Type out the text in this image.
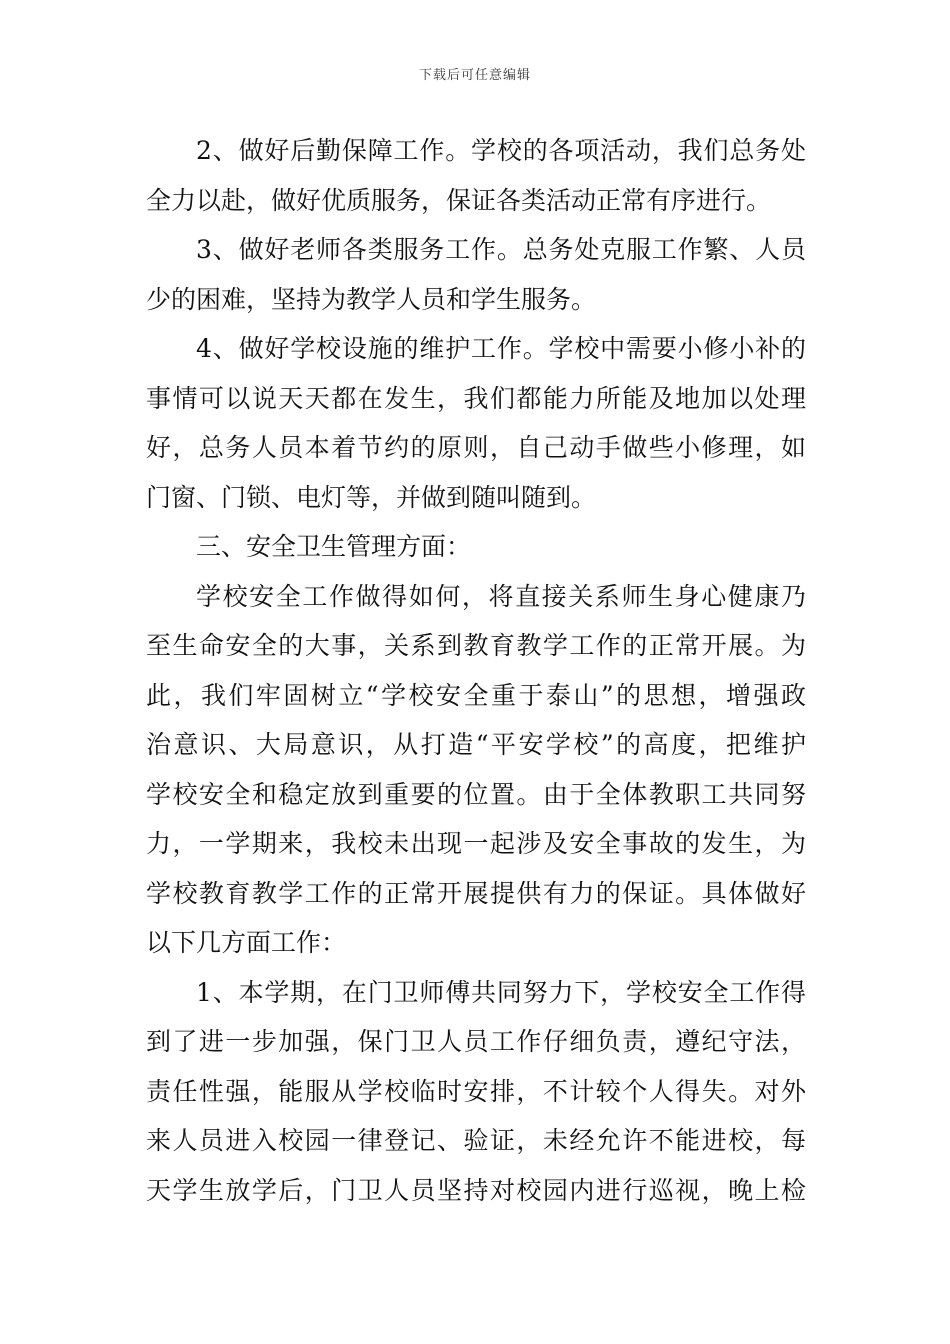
下载后可任意编辑
2、做好后勤保障工作。学校的各项活动，我们总务处
全力以赴，做好优质服务，保证各类活动正常有序进行。
3、做好老师各类服务工作。总务处克服工作繁、人员
少的困难，坚持为教学人员和学生服务。
4、做好学校设施的维护工作。学校中需要小修小补的
事情可以说天天都在发生，我们都能力所能及地加以处理
好，总务人员本着节约的原则，自己动手做些小修理，如
门窗、门锁、电灯等，并做到随叫随到。
三、安全卫生管理方面：
学校安全工作做得如何，将直接关系师生身心健康乃
至生命安全的大事，关系到教育教学工作的正常开展。为
此，我们牢固树立“学校安全重于泰山”的思想，增强政
治意识、大局意识，从打造“平安学校”的高度，把维护
学校安全和稳定放到重要的位置。由于全体教职工共同努
力，一学期来，我校未出现一起涉及安全事故的发生，为
学校教育教学工作的正常开展提供有力的保证。具体做好
以下几方面工作：
1、本学期，在门卫师傅共同努力下，学校安全工作得
到了进一步加强，保门卫人员工作仔细负责，遵纪守法，
责任性强，能服从学校临时安排，不计较个人得失。对外
来人员进入校园一律登记、验证，未经允许不能进校，每
天学生放学后，门卫人员坚持对校园内进行巡视，晚上检
